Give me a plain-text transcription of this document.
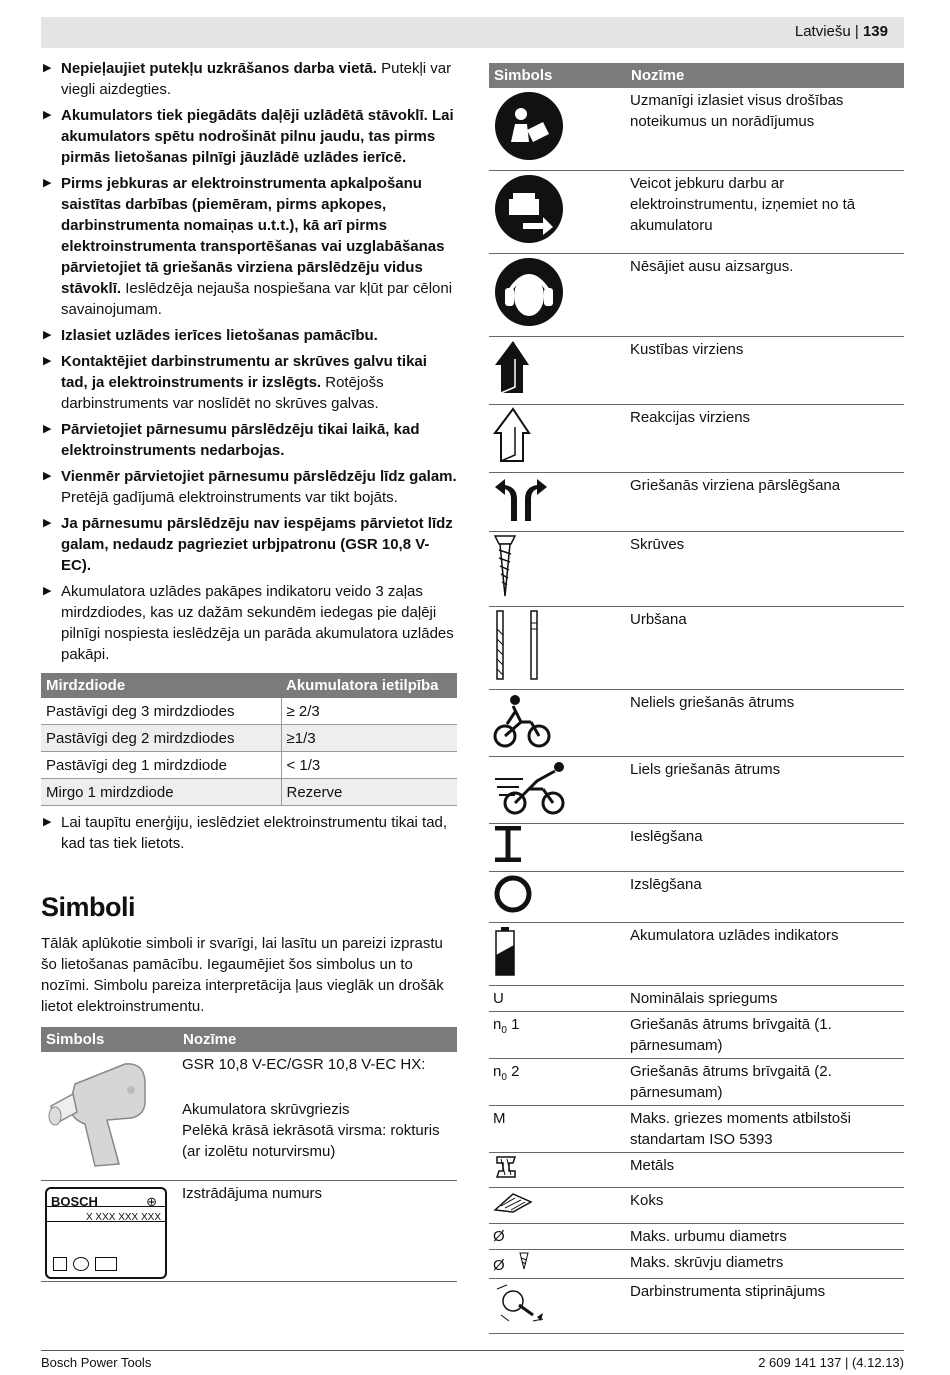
Latviešu | 139
▶ Nepieļaujiet putekļu uzkrāšanos darba vietā. Putekļi var viegli aizdegties.
▶ Akumulators tiek piegādāts daļēji uzlādētā stāvoklī. Lai akumulators spētu nodrošināt pilnu jaudu, tas pirms pirmās lietošanas pilnīgi jāuzlādē uzlādes ierīcē.
▶ Pirms jebkuras ar elektroinstrumenta apkalpošanu saistītas darbības (piemēram, pirms apkopes, darbinstrumenta nomaiņas u.t.t.), kā arī pirms elektroinstrumenta transportēšanas vai uzglabāšanas pārvietojiet tā griešanās virziena pārslēdzēju vidus stāvoklī. Ieslēdzēja nejauša nospiešana var kļūt par cēloni savainojumam.
▶ Izlasiet uzlādes ierīces lietošanas pamācību.
▶ Kontaktējiet darbinstrumentu ar skrūves galvu tikai tad, ja elektroinstruments ir izslēgts. Rotējošs darbinstruments var noslīdēt no skrūves galvas.
▶ Pārvietojiet pārnesumu pārslēdzēju tikai laikā, kad elektroinstruments nedarbojas.
▶ Vienmēr pārvietojiet pārnesumu pārslēdzēju līdz galam. Pretējā gadījumā elektroinstruments var tikt bojāts.
▶ Ja pārnesumu pārslēdzēju nav iespējams pārvietot līdz galam, nedaudz pagrieziet urbjpatronu (GSR 10,8 V-EC).
▶ Akumulatora uzlādes pakāpes indikatoru veido 3 zaļas mirdzdiodes, kas uz dažām sekundēm iedegas pie daļēji pilnīgi nospiesta ieslēdzēja un parāda akumulatora uzlādes pakāpi.
Mirdzdiode	Akumulatora ietilpība
Pastāvīgi deg 3 mirdzdiodes	≥ 2/3
Pastāvīgi deg 2 mirdzdiodes	≥1/3
Pastāvīgi deg 1 mirdzdiode	< 1/3
Mirgo 1 mirdzdiode	Rezerve
▶ Lai taupītu enerģiju, ieslēdziet elektroinstrumentu tikai tad, kad tas tiek lietots.
Simboli
Tālāk aplūkotie simboli ir svarīgi, lai lasītu un pareizi izprastu šo lietošanas pamācību. Iegaumējiet šos simbolus un to nozīmi. Simbolu pareiza interpretācija ļaus vieglāk un drošāk lietot elektroinstrumentu.
Simbols	Nozīme

GSR 10,8 V-EC/GSR 10,8 V-EC HX:
Akumulatora skrūvgriezis
Pelēkā krāsā iekrāsotā virsma: rokturis (ar izolētu noturvirsmu)

BOSCH ⊕
X XXX XXX XXX	Izstrādājuma numurs
Simbols	Nozīme
	Uzmanīgi izlasiet visus drošības noteikumus un norādījumus
	Veicot jebkuru darbu ar elektroinstrumentu, izņemiet no tā akumulatoru
	Nēsājiet ausu aizsargus.
	Kustības virziens
	Reakcijas virziens
	Griešanās virziena pārslēgšana
	Skrūves
	Urbšana
	Neliels griešanās ātrums
	Liels griešanās ātrums
	Ieslēgšana
	Izslēgšana
	Akumulatora uzlādes indikators
U	Nominālais spriegums
$n_0$ 1	Griešanās ātrums brīvgaitā (1. pārnesumam)
$n_0$ 2	Griešanās ātrums brīvgaitā (2. pārnesumam)
M	Maks. griezes moments atbilstoši standartam ISO 5393
	Metāls
	Koks
Ø	Maks. urbumu diametrs
Ø	Maks. skrūvju diametrs
	Darbinstrumenta stiprinājums
Bosch Power Tools	2 609 141 137 | (4.12.13)
